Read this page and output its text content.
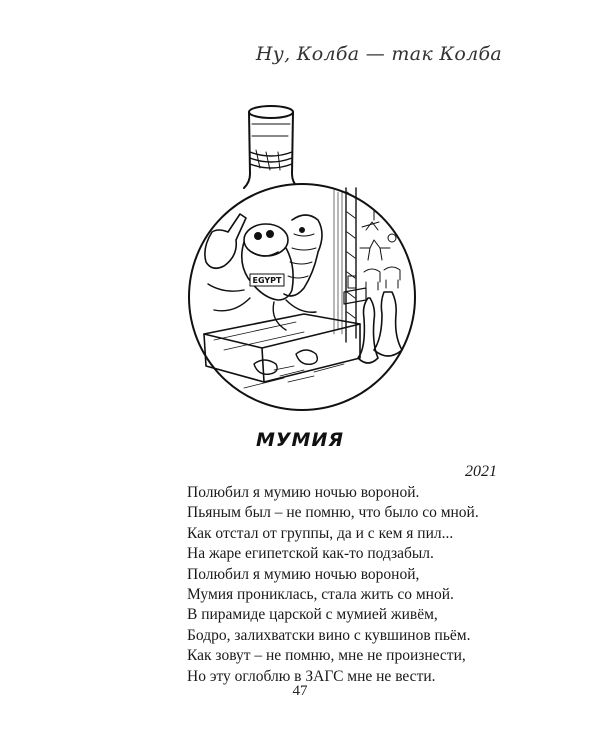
Ну, Колба — так Колба
EGYPT
МУМИЯ
2021
Полюбил я мумию ночью вороной.
Пьяным был – не помню, что было со мной.
Как отстал от группы, да и с кем я пил...
На жаре египетской как-то подзабыл.
Полюбил я мумию ночью вороной,
Мумия прониклась, стала жить со мной.
В пирамиде царской с мумией живём,
Бодро, залихватски вино с кувшинов пьём.
Как зовут – не помню, мне не произнести,
Но эту оглоблю в ЗАГС мне не вести.
47
